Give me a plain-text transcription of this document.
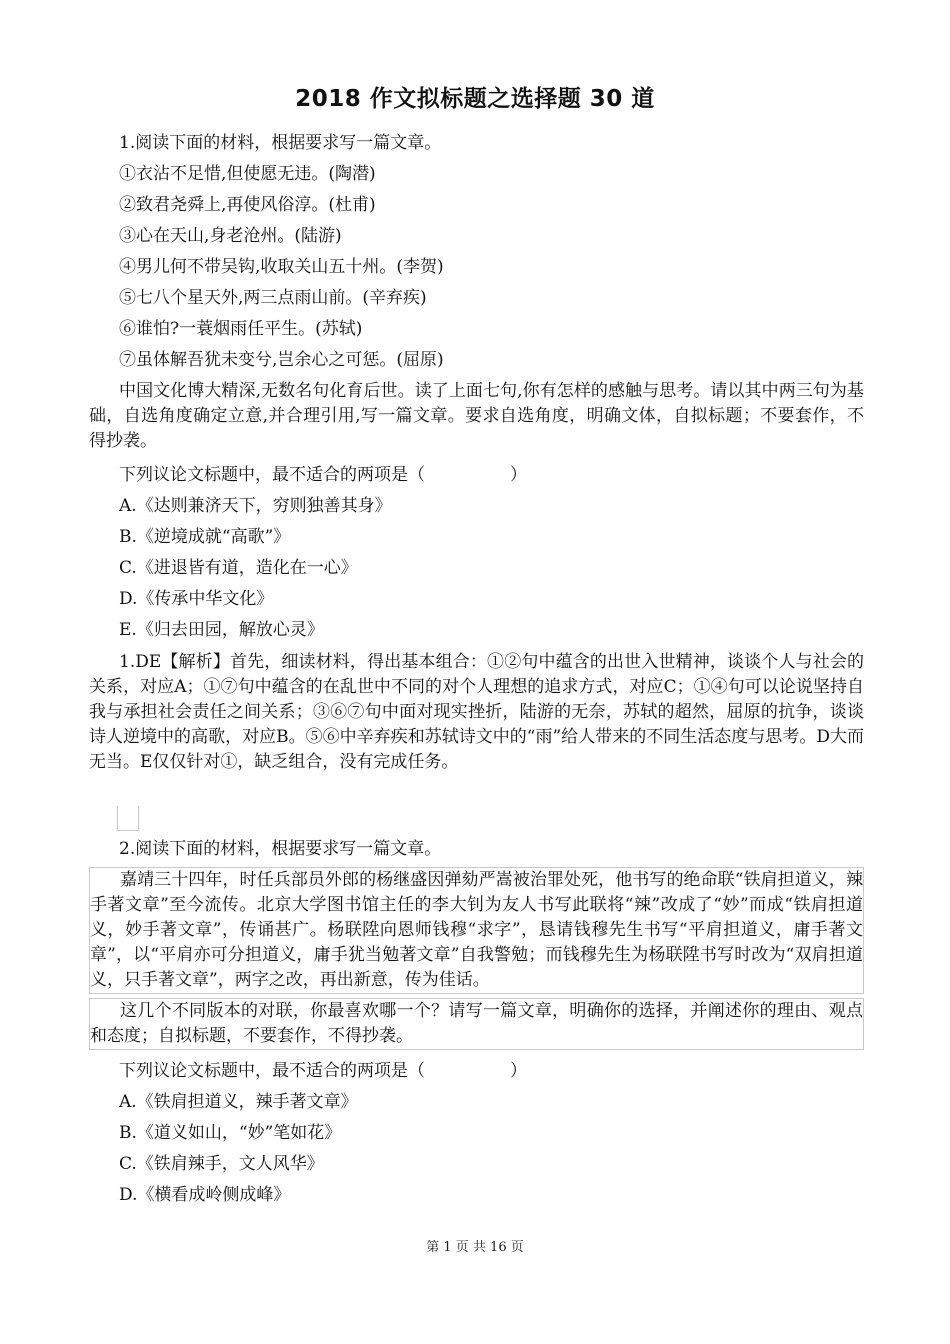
2018 作文拟标题之选择题 30 道
1.阅读下面的材料，根据要求写一篇文章。
①衣沾不足惜,但使愿无违。(陶潜)
②致君尧舜上,再使风俗淳。(杜甫)
③心在天山,身老沧州。(陆游)
④男儿何不带吴钩,收取关山五十州。(李贺)
⑤七八个星天外,两三点雨山前。(辛弃疾)
⑥谁怕?一蓑烟雨任平生。(苏轼)
⑦虽体解吾犹未变兮,岂余心之可惩。(屈原)
中国文化博大精深,无数名句化育后世。读了上面七句,你有怎样的感触与思考。请以其中两三句为基础，自选角度确定立意,并合理引用,写一篇文章。要求自选角度，明确文体，自拟标题；不要套作，不得抄袭。
下列议论文标题中，最不适合的两项是（　　　　　）
A.《达则兼济天下，穷则独善其身》
B.《逆境成就“高歌”》
C.《进退皆有道，造化在一心》
D.《传承中华文化》
E.《归去田园，解放心灵》
1.DE【解析】首先，细读材料，得出基本组合：①②句中蕴含的出世入世精神，谈谈个人与社会的关系，对应A；①⑦句中蕴含的在乱世中不同的对个人理想的追求方式，对应C；①④句可以论说坚持自我与承担社会责任之间关系；③⑥⑦句中面对现实挫折，陆游的无奈，苏轼的超然，屈原的抗争，谈谈诗人逆境中的高歌，对应B。⑤⑥中辛弃疾和苏轼诗文中的“雨”给人带来的不同生活态度与思考。D大而无当。E仅仅针对①，缺乏组合，没有完成任务。
2.阅读下面的材料，根据要求写一篇文章。
嘉靖三十四年，时任兵部员外郎的杨继盛因弹劾严嵩被治罪处死，他书写的绝命联“铁肩担道义，辣手著文章”至今流传。北京大学图书馆主任的李大钊为友人书写此联将“辣”改成了“妙”而成“铁肩担道义，妙手著文章”，传诵甚广。杨联陞向恩师钱穆“求字”，恳请钱穆先生书写“平肩担道义，庸手著文章”，以“平肩亦可分担道义，庸手犹当勉著文章”自我警勉；而钱穆先生为杨联陞书写时改为“双肩担道义，只手著文章”，两字之改，再出新意，传为佳话。
这几个不同版本的对联，你最喜欢哪一个？请写一篇文章，明确你的选择，并阐述你的理由、观点和态度；自拟标题，不要套作，不得抄袭。
下列议论文标题中，最不适合的两项是（　　　　　）
A.《铁肩担道义，辣手著文章》
B.《道义如山，“妙”笔如花》
C.《铁肩辣手，文人风华》
D.《横看成岭侧成峰》
第 1 页 共 16 页
